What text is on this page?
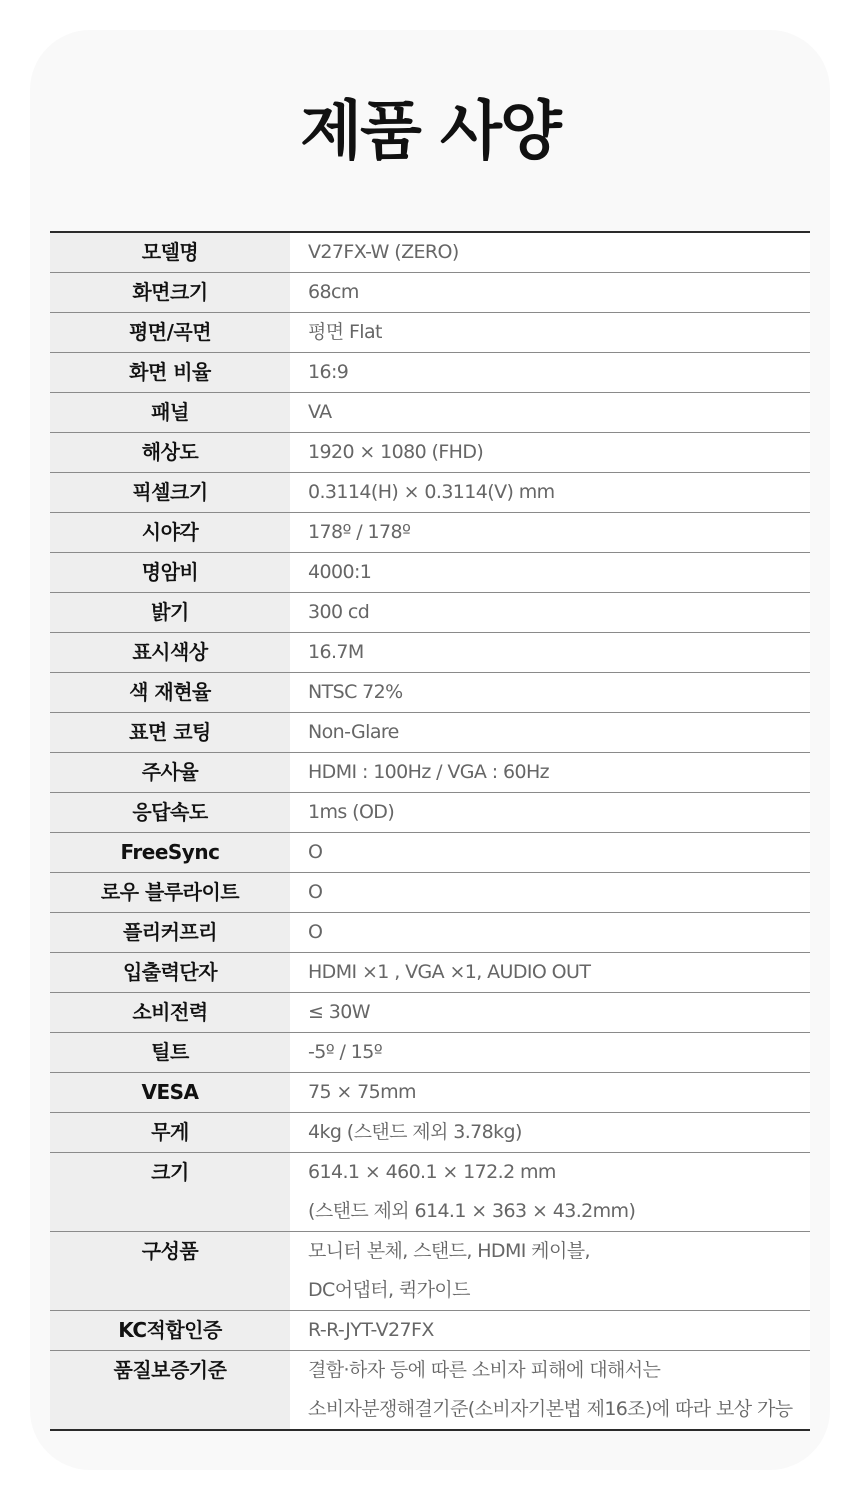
제품 사양
모델명	V27FX-W (ZERO)
화면크기	68cm
평면/곡면	평면 Flat
화면 비율	16:9
패널	VA
해상도	1920 × 1080 (FHD)
픽셀크기	0.3114(H) × 0.3114(V) mm
시야각	178º / 178º
명암비	4000:1
밝기	300 cd
표시색상	16.7M
색 재현율	NTSC 72%
표면 코팅	Non-Glare
주사율	HDMI : 100Hz / VGA : 60Hz
응답속도	1ms (OD)
FreeSync	O
로우 블루라이트	O
플리커프리	O
입출력단자	HDMI ×1 , VGA ×1, AUDIO OUT
소비전력	≤ 30W
틸트	-5º / 15º
VESA	75 × 75mm
무게	4kg (스탠드 제외 3.78kg)
크기	614.1 × 460.1 × 172.2 mm
(스탠드 제외 614.1 × 363 × 43.2mm)
구성품	모니터 본체, 스탠드, HDMI 케이블,
DC어댑터, 퀵가이드
KC적합인증	R-R-JYT-V27FX
품질보증기준	결함·하자 등에 따른 소비자 피해에 대해서는
소비자분쟁해결기준(소비자기본법 제16조)에 따라 보상 가능
